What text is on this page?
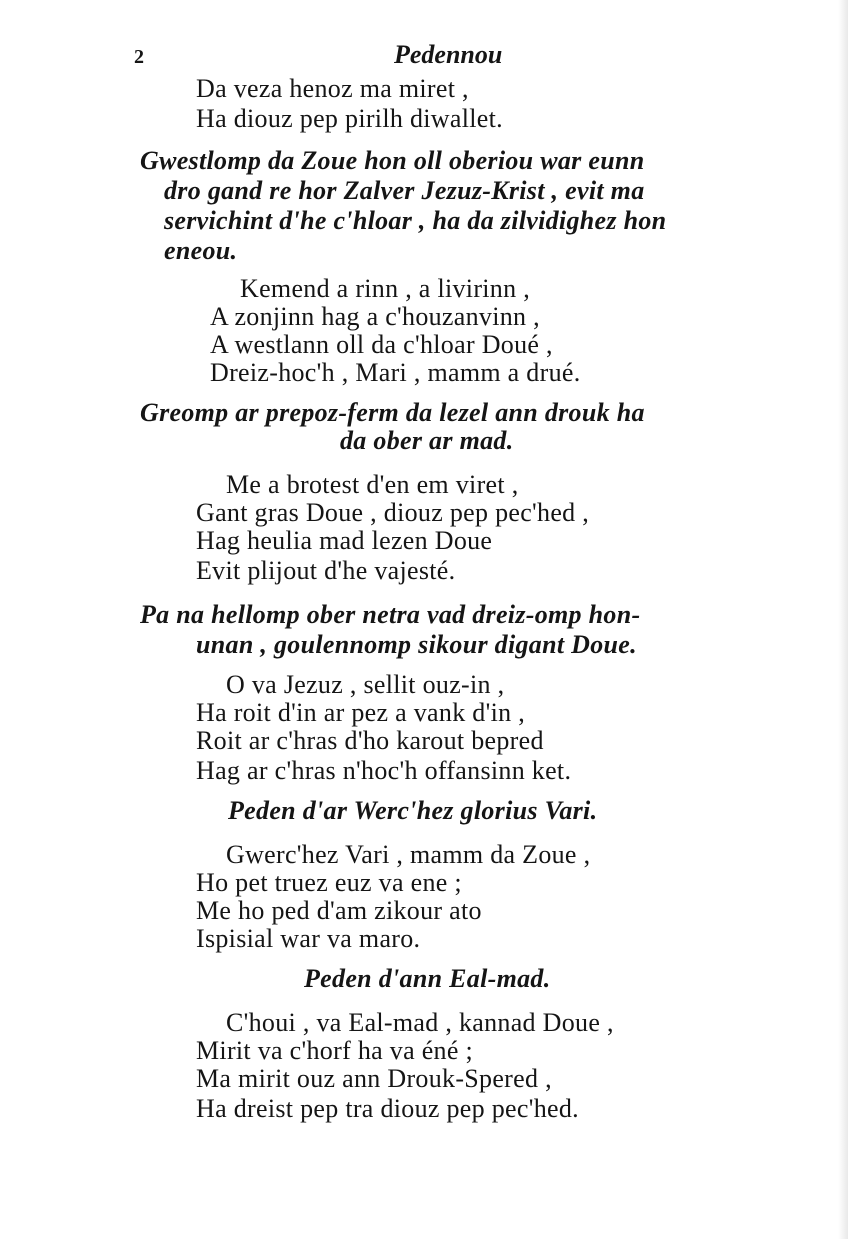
2	Pedennou
Da veza henoz ma miret ,
Ha diouz pep pirilh diwallet.
Gwestlomp da Zoue hon oll oberiou war eunn
dro gand re hor Zalver Jezuz-Krist , evit ma
servichint d'he c'hloar , ha da zilvidighez hon
eneou.
Kemend a rinn , a livirinn ,
A zonjinn hag a c'houzanvinn ,
A westlann oll da c'hloar Doué ,
Dreiz-hoc'h , Mari , mamm a drué.
Greomp ar prepoz-ferm da lezel ann drouk ha
da ober ar mad.
Me a brotest d'en em viret ,
Gant gras Doue , diouz pep pec'hed ,
Hag heulia mad lezen Doue
Evit plijout d'he vajesté.
Pa na hellomp ober netra vad dreiz-omp hon-
unan , goulennomp sikour digant Doue.
O va Jezuz , sellit ouz-in ,
Ha roit d'in ar pez a vank d'in ,
Roit ar c'hras d'ho karout bepred
Hag ar c'hras n'hoc'h offansinn ket.
Peden d'ar Werc'hez glorius Vari.
Gwerc'hez Vari , mamm da Zoue ,
Ho pet truez euz va ene ;
Me ho ped d'am zikour ato
Ispisial war va maro.
Peden d'ann Eal-mad.
C'houi , va Eal-mad , kannad Doue ,
Mirit va c'horf ha va éné ;
Ma mirit ouz ann Drouk-Spered ,
Ha dreist pep tra diouz pep pec'hed.
